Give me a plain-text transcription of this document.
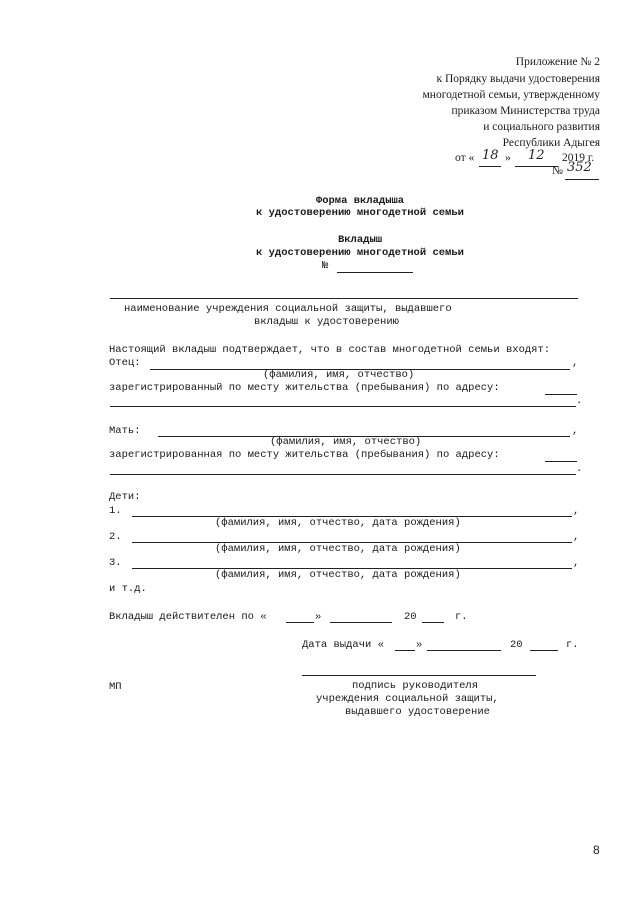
Приложение № 2
к Порядку выдачи удостоверения
многодетной семьи, утвержденному
приказом Министерства труда
и социального развития
Республики Адыгея
от « 18 » 12 2019 г.
№ 352
Форма вкладыша
к удостоверению многодетной семьи
Вкладыш
к удостоверению многодетной семьи
№
наименование учреждения социальной защиты, выдавшего
вкладыш к удостоверению
Настоящий вкладыш подтверждает, что в состав многодетной семьи входят:
Отец:	,
(фамилия, имя, отчество)
зарегистрированный по месту жительства (пребывания) по адресу:
.
Мать:	,
(фамилия, имя, отчество)
зарегистрированная по месту жительства (пребывания) по адресу:
.
Дети:
1.	,
(фамилия, имя, отчество, дата рождения)
2.	,
(фамилия, имя, отчество, дата рождения)
3.	,
(фамилия, имя, отчество, дата рождения)
и т.д.
Вкладыш действителен по «	»	20	г.
Дата выдачи «	»	20	г.
МП	подпись руководителя
учреждения социальной защиты,
выдавшего удостоверение
8
